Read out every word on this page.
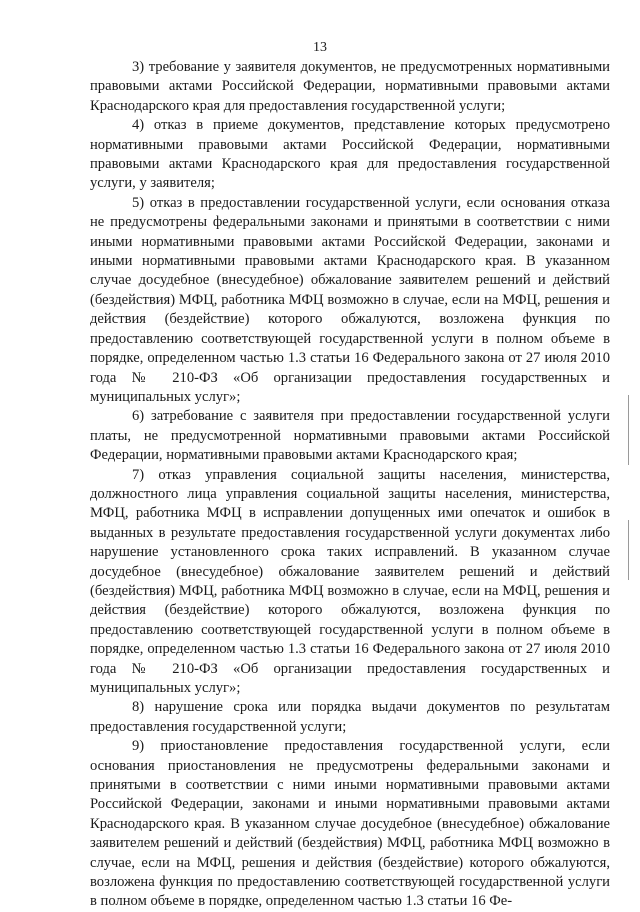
13

3) требование у заявителя документов, не предусмотренных нормативными правовыми актами Российской Федерации, нормативными правовыми актами Краснодарского края для предоставления государственной услуги;

4) отказ в приеме документов, представление которых предусмотрено нормативными правовыми актами Российской Федерации, нормативными правовыми актами Краснодарского края для предоставления государственной услуги, у заявителя;

5) отказ в предоставлении государственной услуги, если основания отказа не предусмотрены федеральными законами и принятыми в соответствии с ними иными нормативными правовыми актами Российской Федерации, законами и иными нормативными правовыми актами Краснодарского края. В указанном случае досудебное (внесудебное) обжалование заявителем решений и действий (бездействия) МФЦ, работника МФЦ возможно в случае, если на МФЦ, решения и действия (бездействие) которого обжалуются, возложена функция по предоставлению соответствующей государственной услуги в полном объеме в порядке, определенном частью 1.3 статьи 16 Федерального закона от 27 июля 2010 года № 210-ФЗ «Об организации предоставления государственных и муниципальных услуг»;

6) затребование с заявителя при предоставлении государственной услуги платы, не предусмотренной нормативными правовыми актами Российской Федерации, нормативными правовыми актами Краснодарского края;

7) отказ управления социальной защиты населения, министерства, должностного лица управления социальной защиты населения, министерства, МФЦ, работника МФЦ в исправлении допущенных ими опечаток и ошибок в выданных в результате предоставления государственной услуги документах либо нарушение установленного срока таких исправлений. В указанном случае досудебное (внесудебное) обжалование заявителем решений и действий (бездействия) МФЦ, работника МФЦ возможно в случае, если на МФЦ, решения и действия (бездействие) которого обжалуются, возложена функция по предоставлению соответствующей государственной услуги в полном объеме в порядке, определенном частью 1.3 статьи 16 Федерального закона от 27 июля 2010 года № 210-ФЗ «Об организации предоставления государственных и муниципальных услуг»;

8) нарушение срока или порядка выдачи документов по результатам предоставления государственной услуги;

9) приостановление предоставления государственной услуги, если основания приостановления не предусмотрены федеральными законами и принятыми в соответствии с ними иными нормативными правовыми актами Российской Федерации, законами и иными нормативными правовыми актами Краснодарского края. В указанном случае досудебное (внесудебное) обжалование заявителем решений и действий (бездействия) МФЦ, работника МФЦ возможно в случае, если на МФЦ, решения и действия (бездействие) которого обжалуются, возложена функция по предоставлению соответствующей государственной услуги в полном объеме в порядке, определенном частью 1.3 статьи 16 Фе-
